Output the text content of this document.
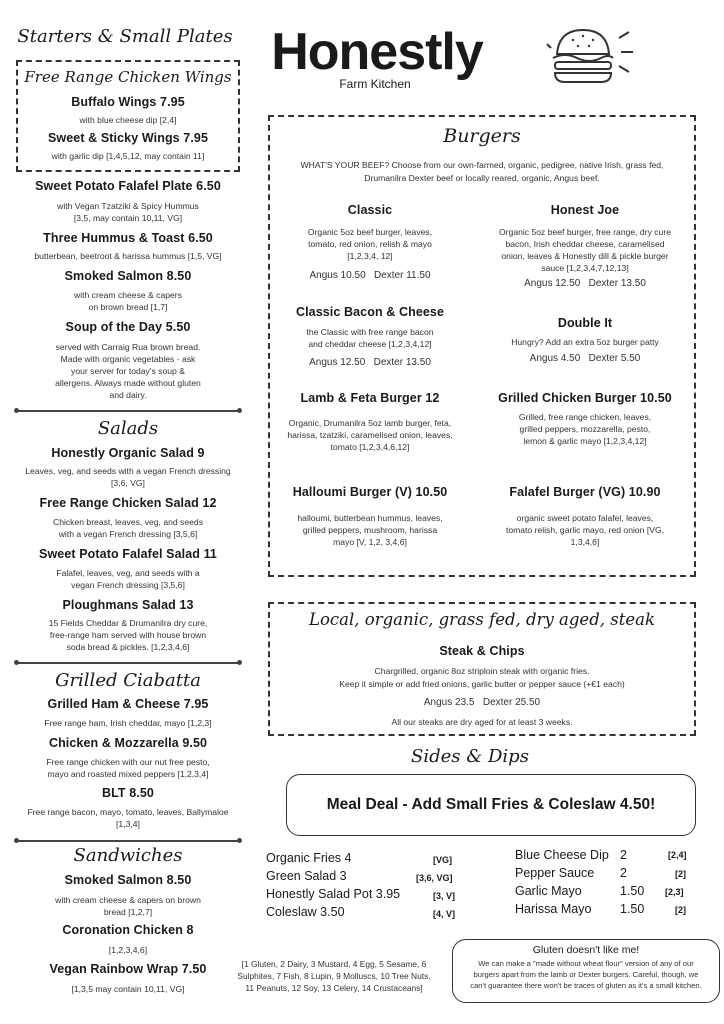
Honestly
Farm Kitchen
Starters & Small Plates
Free Range Chicken Wings
Buffalo Wings 7.95
with blue cheese dip [2,4]
Sweet & Sticky Wings 7.95
with garlic dip [1,4,5,12, may contain 11]
Sweet Potato Falafel Plate 6.50
with Vegan Tzatziki & Spicy Hummus
[3,5, may contain 10,11, VG]
Three Hummus & Toast 6.50
butterbean, beetroot & harissa hummus [1,5, VG]
Smoked Salmon 8.50
with cream cheese & capers
on brown bread [1,7]
Soup of the Day 5.50
served with Carraig Rua brown bread.
Made with organic vegetables - ask
your server for today's soup &
allergens. Always made without gluten
and dairy.
Salads
Honestly Organic Salad 9
Leaves, veg, and seeds with a vegan French dressing
[3,6, VG]
Free Range Chicken Salad 12
Chicken breast, leaves, veg, and seeds
with a vegan French dressing [3,5,6]
Sweet Potato Falafel Salad 11
Falafel, leaves, veg, and seeds with a
vegan French dressing [3,5,6]
Ploughmans Salad 13
15 Fields Cheddar & Drumanilra dry cure,
free-range ham served with house brown
soda bread & pickles. [1,2,3,4,6]
Grilled Ciabatta
Grilled Ham & Cheese 7.95
Free range ham, Irish cheddar, mayo [1,2,3]
Chicken & Mozzarella 9.50
Free range chicken with our nut free pesto,
mayo and roasted mixed peppers [1,2,3,4]
BLT 8.50
Free range bacon, mayo, tomato, leaves, Ballymaloe
[1,3,4]
Sandwiches
Smoked Salmon 8.50
with cream cheese & capers on brown
bread [1,2,7]
Coronation Chicken 8
[1,2,3,4,6]
Vegan Rainbow Wrap 7.50
[1,3,5 may contain 10,11, VG]
Burgers
WHAT'S YOUR BEEF? Choose from our own-farmed, organic, pedigree, native Irish, grass fed,
Drumanilra Dexter beef or locally reared, organic, Angus beef.
Classic
Organic 5oz beef burger, leaves,
tomato, red onion, relish & mayo
[1,2,3,4, 12]
Angus 10.50 Dexter 11.50
Honest Joe
Organic 5oz beef burger, free range, dry cure
bacon, Irish cheddar cheese, caramelised
onion, leaves & Honestly dill & pickle burger
sauce [1,2,3,4,7,12,13]
Angus 12.50 Dexter 13.50
Classic Bacon & Cheese
the Classic with free range bacon
and cheddar cheese [1,2,3,4,12]
Angus 12.50 Dexter 13.50
Double It
Hungry? Add an extra 5oz burger patty
Angus 4.50 Dexter 5.50
Lamb & Feta Burger 12
Organic, Drumanilra 5oz lamb burger, feta,
harissa, tzatziki, caramelised onion, leaves,
tomato [1,2,3,4,6,12]
Grilled Chicken Burger 10.50
Grilled, free range chicken, leaves,
grilled peppers, mozzarella, pesto,
lemon & garlic mayo [1,2,3,4,12]
Halloumi Burger (V) 10.50
halloumi, butterbean hummus, leaves,
grilled peppers, mushroom, harissa
mayo [V, 1,2, 3,4,6]
Falafel Burger (VG) 10.90
organic sweet potato falafel, leaves,
tomato relish, garlic mayo, red onion [VG,
1,3,4,6]
Local, organic, grass fed, dry aged, steak
Steak & Chips
Chargrilled, organic 8oz striploin steak with organic fries.
Keep it simple or add fried onions, garlic butter or pepper sauce (+€1 each)
Angus 23.5 Dexter 25.50
All our steaks are dry aged for at least 3 weeks.
Sides & Dips
Meal Deal - Add Small Fries & Coleslaw 4.50!
Organic Fries 4	[VG]
Green Salad 3	[3,6, VG]
Honestly Salad Pot 3.95	[3, V]
Coleslaw 3.50	[4, V]
Blue Cheese Dip 2	[2,4]
Pepper Sauce 2	[2]
Garlic Mayo	1.50 [2,3]
Harissa Mayo 1.50	[2]
[1 Gluten, 2 Dairy, 3 Mustard, 4 Egg, 5 Sesame, 6
Sulphites, 7 Fish, 8 Lupin, 9 Molluscs, 10 Tree Nuts,
11 Peanuts, 12 Soy, 13 Celery, 14 Crustaceans]
Gluten doesn't like me!
We can make a "made without wheat flour" version of any of our
burgers apart from the lamb or Dexter burgers. Careful, though, we
can't guarantee there won't be traces of gluten as it's a small kitchen.
